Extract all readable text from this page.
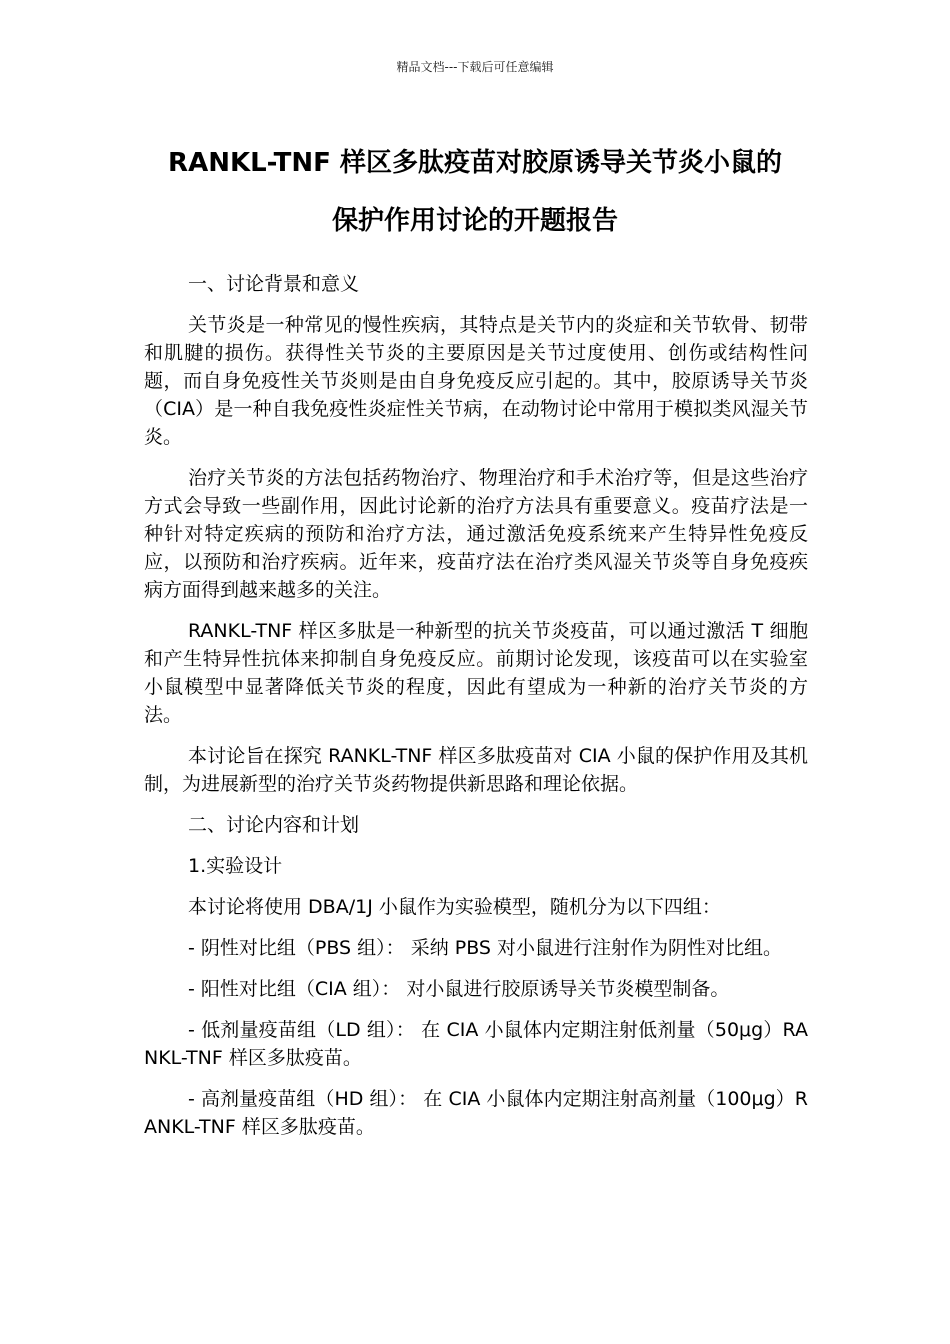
精品文档---下载后可任意编辑
RANKL-TNF 样区多肽疫苗对胶原诱导关节炎小鼠的
保护作用讨论的开题报告

一、讨论背景和意义

关节炎是一种常见的慢性疾病，其特点是关节内的炎症和关节软骨、韧带和肌腱的损伤。获得性关节炎的主要原因是关节过度使用、创伤或结构性问题，而自身免疫性关节炎则是由自身免疫反应引起的。其中，胶原诱导关节炎（CIA）是一种自我免疫性炎症性关节病，在动物讨论中常用于模拟类风湿关节炎。

治疗关节炎的方法包括药物治疗、物理治疗和手术治疗等，但是这些治疗方式会导致一些副作用，因此讨论新的治疗方法具有重要意义。疫苗疗法是一种针对特定疾病的预防和治疗方法，通过激活免疫系统来产生特异性免疫反应，以预防和治疗疾病。近年来，疫苗疗法在治疗类风湿关节炎等自身免疫疾病方面得到越来越多的关注。

RANKL-TNF 样区多肽是一种新型的抗关节炎疫苗，可以通过激活 T 细胞和产生特异性抗体来抑制自身免疫反应。前期讨论发现，该疫苗可以在实验室小鼠模型中显著降低关节炎的程度，因此有望成为一种新的治疗关节炎的方法。

本讨论旨在探究 RANKL-TNF 样区多肽疫苗对 CIA 小鼠的保护作用及其机制，为进展新型的治疗关节炎药物提供新思路和理论依据。

二、讨论内容和计划

1.实验设计

本讨论将使用 DBA/1J 小鼠作为实验模型，随机分为以下四组：

- 阴性对比组（PBS 组）： 采纳 PBS 对小鼠进行注射作为阴性对比组。

- 阳性对比组（CIA 组）： 对小鼠进行胶原诱导关节炎模型制备。

- 低剂量疫苗组（LD 组）： 在 CIA 小鼠体内定期注射低剂量（50μg）RANKL-TNF 样区多肽疫苗。

- 高剂量疫苗组（HD 组）： 在 CIA 小鼠体内定期注射高剂量（100μg）RANKL-TNF 样区多肽疫苗。
